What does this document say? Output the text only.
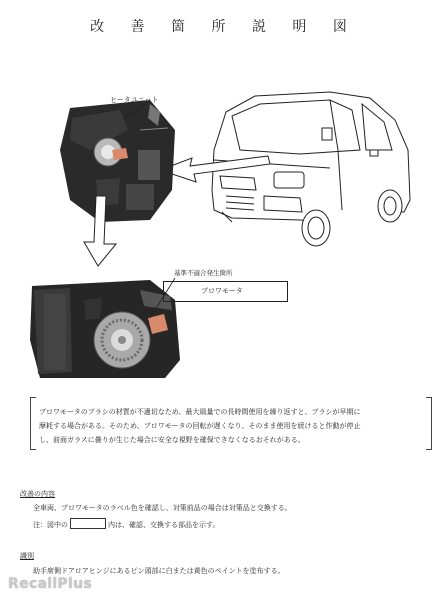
改 善 箇 所 説 明 図
ヒータユニット
基準不適合発生箇所
ブロワモータ

ブロワモータのブラシの材質が不適切なため、最大風量での長時間使用を繰り返すと、ブラシが早期に

摩耗する場合がある。そのため、ブロワモータの回転が遅くなり、そのまま使用を続けると作動が停止

し、前面ガラスに曇りが生じた場合に安全な視野を確保できなくなるおそれがある。

改善の内容
全車両、ブロワモータのラベル色を確認し、対策前品の場合は対策品と交換する。
注：図中の	内は、確認、交換する部品を示す。
識別
助手席側ドアロアヒンジにあるピン頭部に白または黄色のペイントを塗布する。
RecallPlus
